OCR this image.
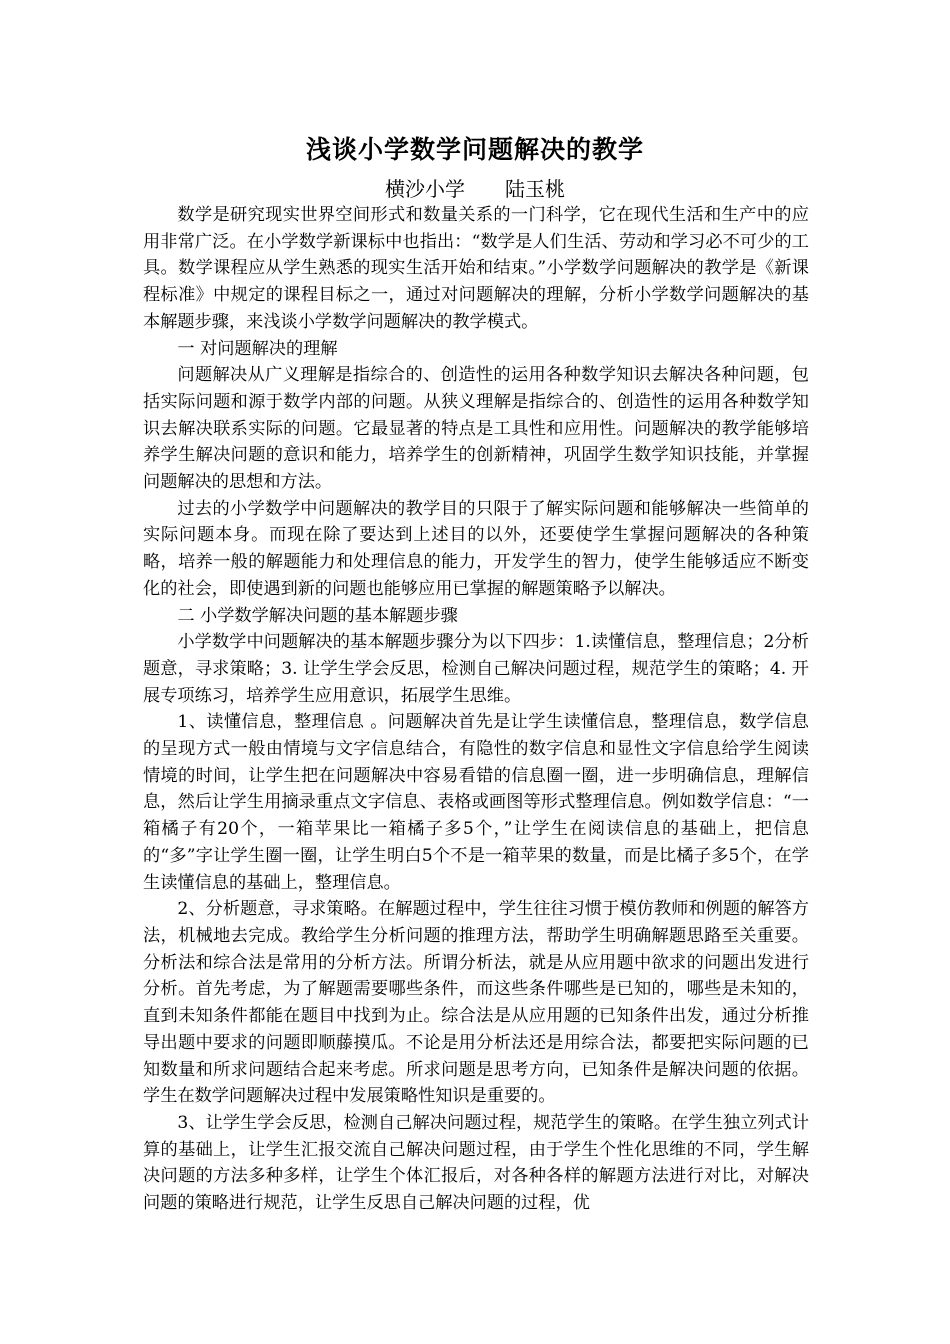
浅谈小学数学问题解决的教学
横沙小学 陆玉桃

数学是研究现实世界空间形式和数量关系的一门科学，它在现代生活和生产中的应用非常广泛。在小学数学新课标中也指出：“数学是人们生活、劳动和学习必不可少的工具。数学课程应从学生熟悉的现实生活开始和结束。”小学数学问题解决的教学是《新课程标准》中规定的课程目标之一，通过对问题解决的理解，分析小学数学问题解决的基本解题步骤，来浅谈小学数学问题解决的教学模式。

一 对问题解决的理解

问题解决从广义理解是指综合的、创造性的运用各种数学知识去解决各种问题，包括实际问题和源于数学内部的问题。从狭义理解是指综合的、创造性的运用各种数学知识去解决联系实际的问题。它最显著的特点是工具性和应用性。问题解决的教学能够培养学生解决问题的意识和能力，培养学生的创新精神，巩固学生数学知识技能，并掌握问题解决的思想和方法。

过去的小学数学中问题解决的教学目的只限于了解实际问题和能够解决一些简单的实际问题本身。而现在除了要达到上述目的以外，还要使学生掌握问题解决的各种策略，培养一般的解题能力和处理信息的能力，开发学生的智力，使学生能够适应不断变化的社会，即使遇到新的问题也能够应用已掌握的解题策略予以解决。

二 小学数学解决问题的基本解题步骤

小学数学中问题解决的基本解题步骤分为以下四步：1.读懂信息，整理信息；2分析题意，寻求策略；3. 让学生学会反思，检测自己解决问题过程，规范学生的策略；4. 开展专项练习，培养学生应用意识，拓展学生思维。

1、读懂信息，整理信息 。问题解决首先是让学生读懂信息，整理信息，数学信息的呈现方式一般由情境与文字信息结合，有隐性的数字信息和显性文字信息给学生阅读情境的时间，让学生把在问题解决中容易看错的信息圈一圈，进一步明确信息，理解信息，然后让学生用摘录重点文字信息、表格或画图等形式整理信息。例如数学信息：“一箱橘子有20个，一箱苹果比一箱橘子多5个，”让学生在阅读信息的基础上，把信息的“多”字让学生圈一圈，让学生明白5个不是一箱苹果的数量，而是比橘子多5个，在学生读懂信息的基础上，整理信息。

2、分析题意，寻求策略。在解题过程中，学生往往习惯于模仿教师和例题的解答方法，机械地去完成。教给学生分析问题的推理方法，帮助学生明确解题思路至关重要。分析法和综合法是常用的分析方法。所谓分析法，就是从应用题中欲求的问题出发进行分析。首先考虑，为了解题需要哪些条件，而这些条件哪些是已知的，哪些是未知的，直到未知条件都能在题目中找到为止。综合法是从应用题的已知条件出发，通过分析推导出题中要求的问题即顺藤摸瓜。不论是用分析法还是用综合法，都要把实际问题的已知数量和所求问题结合起来考虑。所求问题是思考方向，已知条件是解决问题的依据。学生在数学问题解决过程中发展策略性知识是重要的。

3、让学生学会反思，检测自己解决问题过程，规范学生的策略。在学生独立列式计算的基础上，让学生汇报交流自己解决问题过程，由于学生个性化思维的不同，学生解决问题的方法多种多样，让学生个体汇报后，对各种各样的解题方法进行对比，对解决问题的策略进行规范，让学生反思自己解决问题的过程，优
